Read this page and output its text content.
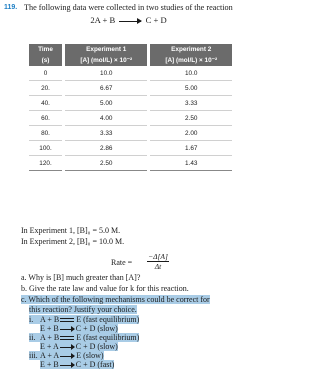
119. The following data were collected in two studies of the reaction
2A + B → C + D
Time	Experiment 1	Experiment 2
(s)	[A] (mol/L) × 10⁻²	[A] (mol/L) × 10⁻²
0	10.0	10.0
20.	6.67	5.00
40.	5.00	3.33
60.	4.00	2.50
80.	3.33	2.00
100.	2.86	1.67
120.	2.50	1.43
In Experiment 1, [B]₀ = 5.0 M.
In Experiment 2, [B]₀ = 10.0 M.
Rate = $\frac{-\Delta[A]}{\Delta t}$
a. Why is [B] much greater than [A]?
b. Give the rate law and value for k for this reaction.
c. Which of the following mechanisms could be correct for
this reaction? Justify your choice.
i. A + B E (fast equilibrium)
E + B C + D (slow)
ii. A + B E (fast equilibrium)
E + A C + D (slow)
iii. A + A E (slow)
E + B C + D (fast)
